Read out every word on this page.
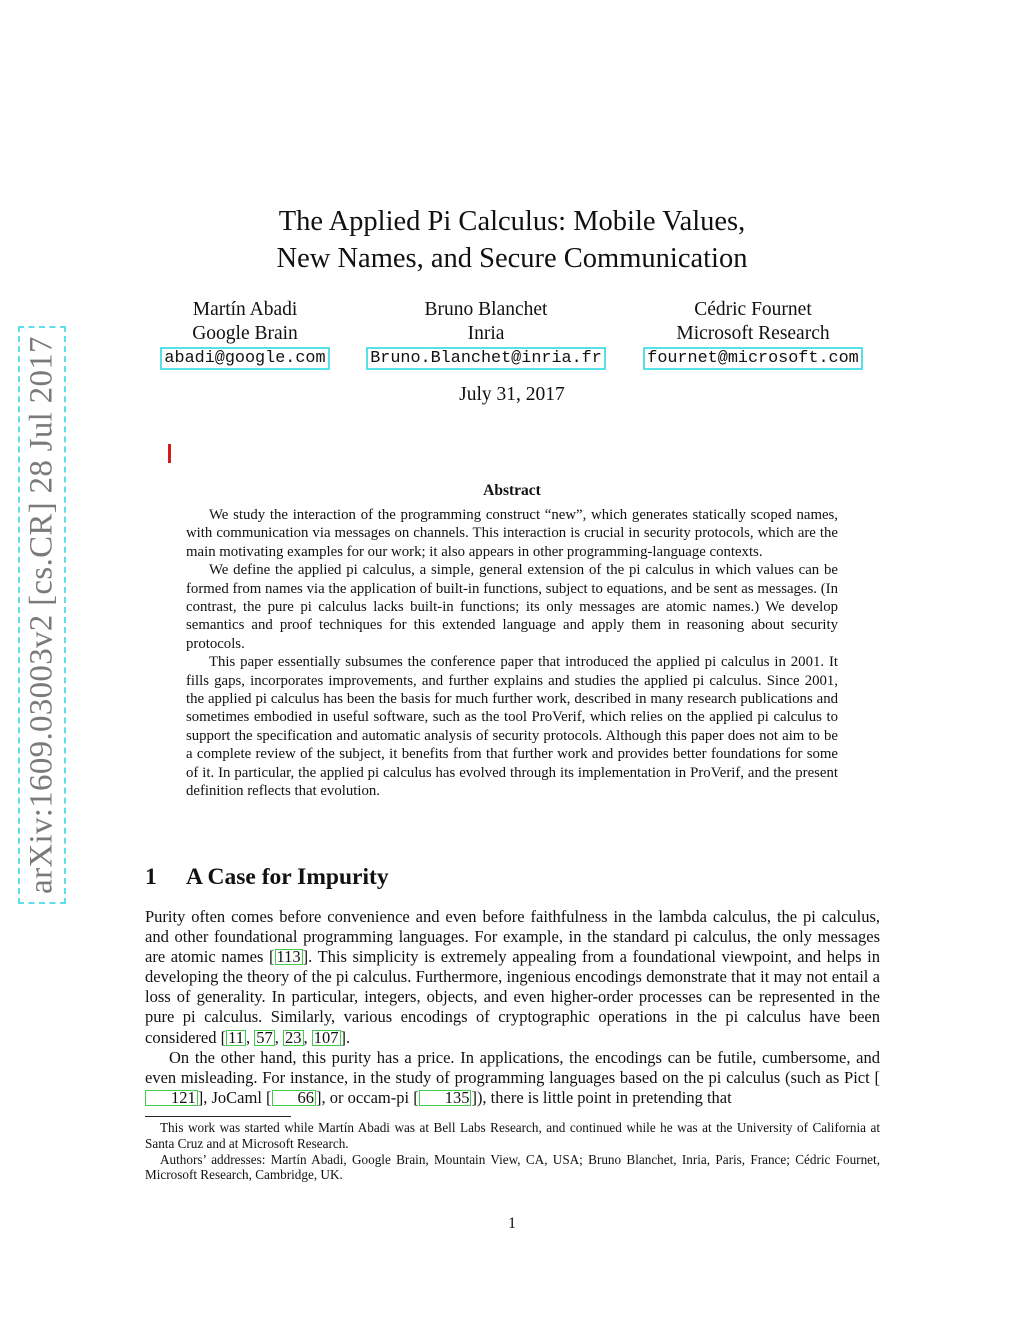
arXiv:1609.03003v2 [cs.CR] 28 Jul 2017
The Applied Pi Calculus: Mobile Values,
New Names, and Secure Communication
Martín Abadi
Google Brain
abadi@google.com
Bruno Blanchet
Inria
Bruno.Blanchet@inria.fr
Cédric Fournet
Microsoft Research
fournet@microsoft.com
July 31, 2017
Abstract

We study the interaction of the programming construct “new”, which generates statically scoped names, with communication via messages on channels. This interaction is crucial in security protocols, which are the main motivating examples for our work; it also appears in other programming-language contexts.

We define the applied pi calculus, a simple, general extension of the pi calculus in which values can be formed from names via the application of built-in functions, subject to equations, and be sent as messages. (In contrast, the pure pi calculus lacks built-in functions; its only messages are atomic names.) We develop semantics and proof techniques for this extended language and apply them in reasoning about security protocols.

This paper essentially subsumes the conference paper that introduced the applied pi calculus in 2001. It fills gaps, incorporates improvements, and further explains and studies the applied pi calculus. Since 2001, the applied pi calculus has been the basis for much further work, described in many research publications and sometimes embodied in useful software, such as the tool ProVerif, which relies on the applied pi calculus to support the specification and automatic analysis of security protocols. Although this paper does not aim to be a complete review of the subject, it benefits from that further work and provides better foundations for some of it. In particular, the applied pi calculus has evolved through its implementation in ProVerif, and the present definition reflects that evolution.

1 A Case for Impurity

Purity often comes before convenience and even before faithfulness in the lambda calculus, the pi calculus, and other foundational programming languages. For example, in the standard pi calculus, the only messages are atomic names [ 113 ]. This simplicity is extremely appealing from a foundational viewpoint, and helps in developing the theory of the pi calculus. Furthermore, ingenious encodings demonstrate that it may not entail a loss of generality. In particular, integers, objects, and even higher-order processes can be represented in the pure pi calculus. Similarly, various encodings of cryptographic operations in the pi calculus have been considered [ 11 , 57 , 23 , 107 ].

On the other hand, this purity has a price. In applications, the encodings can be futile, cumbersome, and even misleading. For instance, in the study of programming languages based on the pi calculus (such as Pict [121 ], JoCaml [ 66 ], or occam-pi [ 135 ]), there is little point in pretending that

This work was started while Martín Abadi was at Bell Labs Research, and continued while he was at the University of California at Santa Cruz and at Microsoft Research.

Authors’ addresses: Martín Abadi, Google Brain, Mountain View, CA, USA; Bruno Blanchet, Inria, Paris, France; Cédric Fournet, Microsoft Research, Cambridge, UK.

1
